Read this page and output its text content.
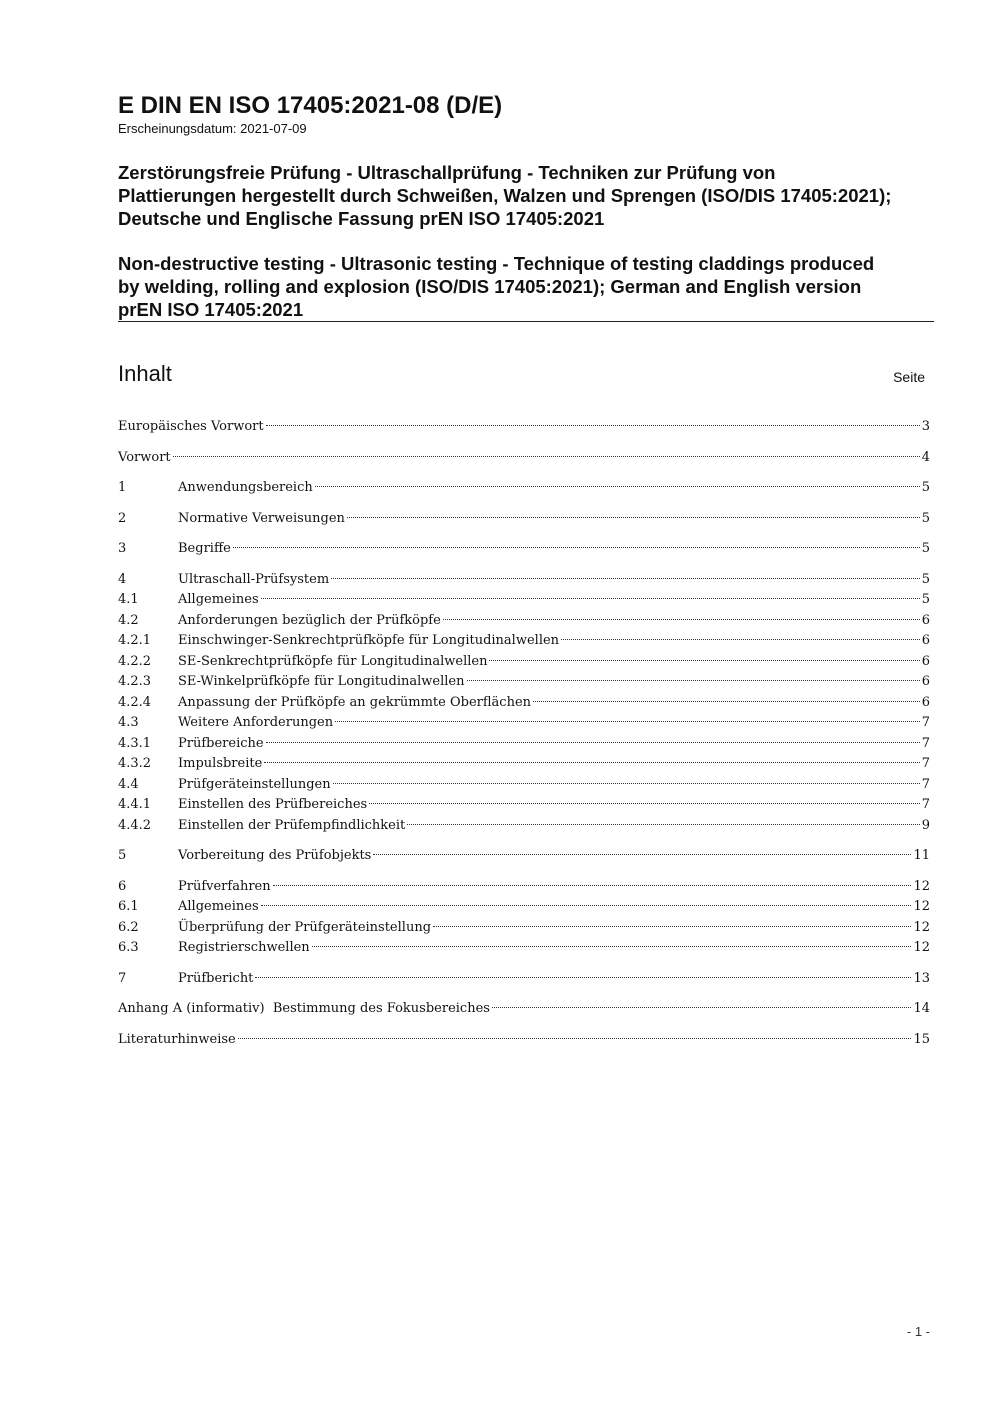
E DIN EN ISO 17405:2021-08 (D/E)
Erscheinungsdatum: 2021-07-09
Zerstörungsfreie Prüfung - Ultraschallprüfung - Techniken zur Prüfung von Plattierungen hergestellt durch Schweißen, Walzen und Sprengen (ISO/DIS 17405:2021); Deutsche und Englische Fassung prEN ISO 17405:2021
Non-destructive testing - Ultrasonic testing - Technique of testing claddings produced by welding, rolling and explosion (ISO/DIS 17405:2021); German and English version prEN ISO 17405:2021
Inhalt	Seite
Europäisches Vorwort	3
Vorwort	4
1	Anwendungsbereich	5
2	Normative Verweisungen	5
3	Begriffe	5
4	Ultraschall-Prüfsystem	5
4.1	Allgemeines	5
4.2	Anforderungen bezüglich der Prüfköpfe	6
4.2.1	Einschwinger-Senkrechtprüfköpfe für Longitudinalwellen	6
4.2.2	SE-Senkrechtprüfköpfe für Longitudinalwellen	6
4.2.3	SE-Winkelprüfköpfe für Longitudinalwellen	6
4.2.4	Anpassung der Prüfköpfe an gekrümmte Oberflächen	6
4.3	Weitere Anforderungen	7
4.3.1	Prüfbereiche	7
4.3.2	Impulsbreite	7
4.4	Prüfgeräteinstellungen	7
4.4.1	Einstellen des Prüfbereiches	7
4.4.2	Einstellen der Prüfempfindlichkeit	9
5	Vorbereitung des Prüfobjekts	11
6	Prüfverfahren	12
6.1	Allgemeines	12
6.2	Überprüfung der Prüfgeräteinstellung	12
6.3	Registrierschwellen	12
7	Prüfbericht	13
Anhang A (informativ)  Bestimmung des Fokusbereiches	14
Literaturhinweise	15
- 1 -
